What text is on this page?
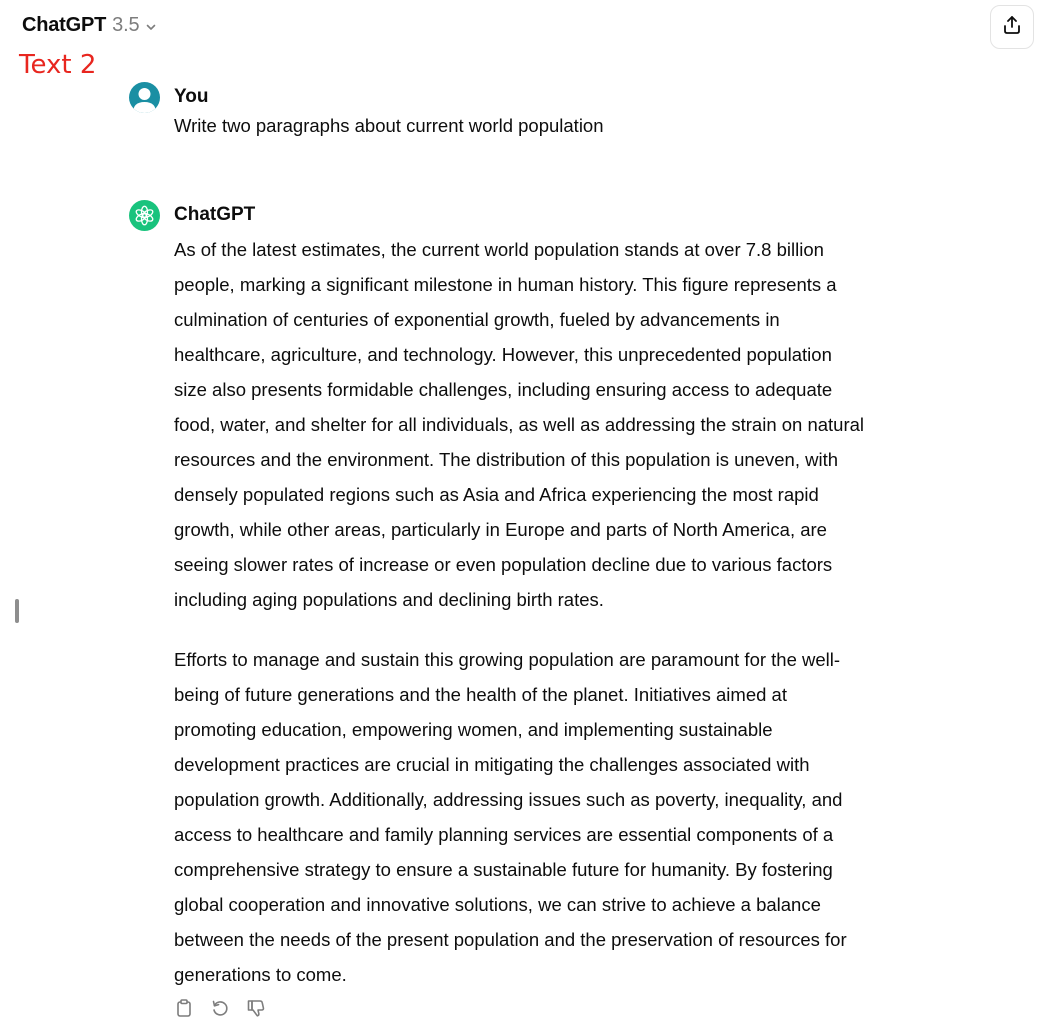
ChatGPT 3.5
Text 2
You
Write two paragraphs about current world population
ChatGPT

As of the latest estimates, the current world population stands at over 7.8 billion
people, marking a significant milestone in human history. This figure represents a
culmination of centuries of exponential growth, fueled by advancements in
healthcare, agriculture, and technology. However, this unprecedented population
size also presents formidable challenges, including ensuring access to adequate
food, water, and shelter for all individuals, as well as addressing the strain on natural
resources and the environment. The distribution of this population is uneven, with
densely populated regions such as Asia and Africa experiencing the most rapid
growth, while other areas, particularly in Europe and parts of North America, are
seeing slower rates of increase or even population decline due to various factors
including aging populations and declining birth rates.

Efforts to manage and sustain this growing population are paramount for the well-
being of future generations and the health of the planet. Initiatives aimed at
promoting education, empowering women, and implementing sustainable
development practices are crucial in mitigating the challenges associated with
population growth. Additionally, addressing issues such as poverty, inequality, and
access to healthcare and family planning services are essential components of a
comprehensive strategy to ensure a sustainable future for humanity. By fostering
global cooperation and innovative solutions, we can strive to achieve a balance
between the needs of the present population and the preservation of resources for
generations to come.
